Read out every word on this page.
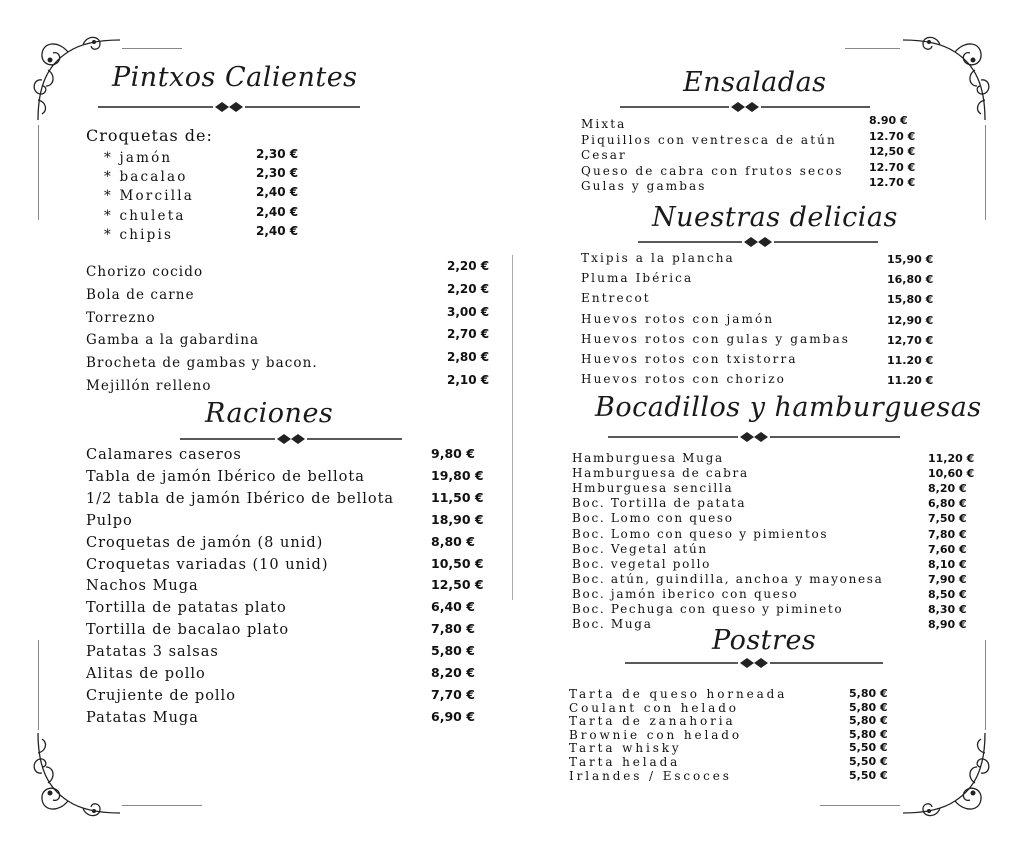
Pintxos Calientes
Croquetas de:
* jamón	2,30 €
* bacalao	2,30 €
* Morcilla	2,40 €
* chuleta	2,40 €
* chipis	2,40 €
Chorizo cocido	2,20 €
Bola de carne	2,20 €
Torrezno	3,00 €
Gamba a la gabardina	2,70 €
Brocheta de gambas y bacon.	2,80 €
Mejillón relleno	2,10 €
Raciones
Calamares caseros	9,80 €
Tabla de jamón Ibérico de bellota	19,80 €
1/2 tabla de jamón Ibérico de bellota	11,50 €
Pulpo	18,90 €
Croquetas de jamón (8 unid)	8,80 €
Croquetas variadas (10 unid)	10,50 €
Nachos Muga	12,50 €
Tortilla de patatas plato	6,40 €
Tortilla de bacalao plato	7,80 €
Patatas 3 salsas	5,80 €
Alitas de pollo	8,20 €
Crujiente de pollo	7,70 €
Patatas Muga	6,90 €
Ensaladas
Mixta	8.90 €
Piquillos con ventresca de atún	12.70 €
Cesar	12,50 €
Queso de cabra con frutos secos 12.70 €
Gulas y gambas	12.70 €
Nuestras delicias
Txipis a la plancha	15,90 €
Pluma Ibérica	16,80 €
Entrecot	15,80 €
Huevos rotos con jamón	12,90 €
Huevos rotos con gulas y gambas	12,70 €
Huevos rotos con txistorra	11.20 €
Huevos rotos con chorizo	11.20 €
Bocadillos y hamburguesas
Hamburguesa Muga	11,20 €
Hamburguesa de cabra	10,60 €
Hmburguesa sencilla	8,20 €
Boc. Tortilla de patata	6,80 €
Boc. Lomo con queso	7,50 €
Boc. Lomo con queso y pimientos	7,80 €
Boc. Vegetal atún	7,60 €
Boc. vegetal pollo	8,10 €
Boc. atún, guindilla, anchoa y mayonesa	7,90 €
Boc. jamón iberico con queso	8,50 €
Boc. Pechuga con queso y pimineto	8,30 €
Boc. Muga	8,90 €
Postres
Tarta de queso horneada	5,80 €
Coulant con helado	5,80 €
Tarta de zanahoria	5,80 €
Brownie con helado	5,80 €
Tarta whisky	5,50 €
Tarta helada	5,50 €
Irlandes / Escoces	5,50 €
